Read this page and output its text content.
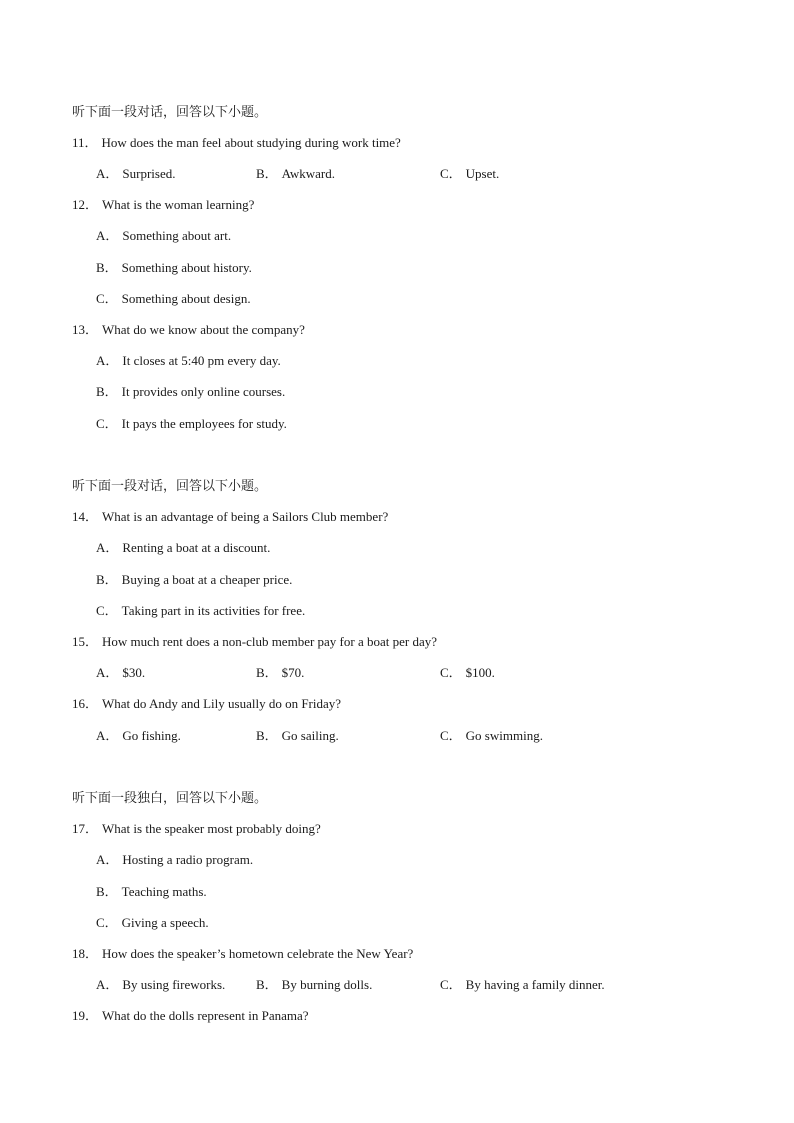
听下面一段对话，回答以下小题。
11． How does the man feel about studying during work time?
A． Surprised.	B． Awkward.	C． Upset.
12． What is the woman learning?
A． Something about art.
B． Something about history.
C． Something about design.
13． What do we know about the company?
A． It closes at 5:40 pm every day.
B． It provides only online courses.
C． It pays the employees for study.
听下面一段对话，回答以下小题。
14． What is an advantage of being a Sailors Club member?
A． Renting a boat at a discount.
B． Buying a boat at a cheaper price.
C． Taking part in its activities for free.
15． How much rent does a non-club member pay for a boat per day?
A． $30.	B． $70.	C． $100.
16． What do Andy and Lily usually do on Friday?
A． Go fishing.	B． Go sailing.	C． Go swimming.
听下面一段独白，回答以下小题。
17． What is the speaker most probably doing?
A． Hosting a radio program.
B． Teaching maths.
C． Giving a speech.
18． How does the speaker’s hometown celebrate the New Year?
A． By using fireworks. B． By burning dolls.	C． By having a family dinner.
19． What do the dolls represent in Panama?
